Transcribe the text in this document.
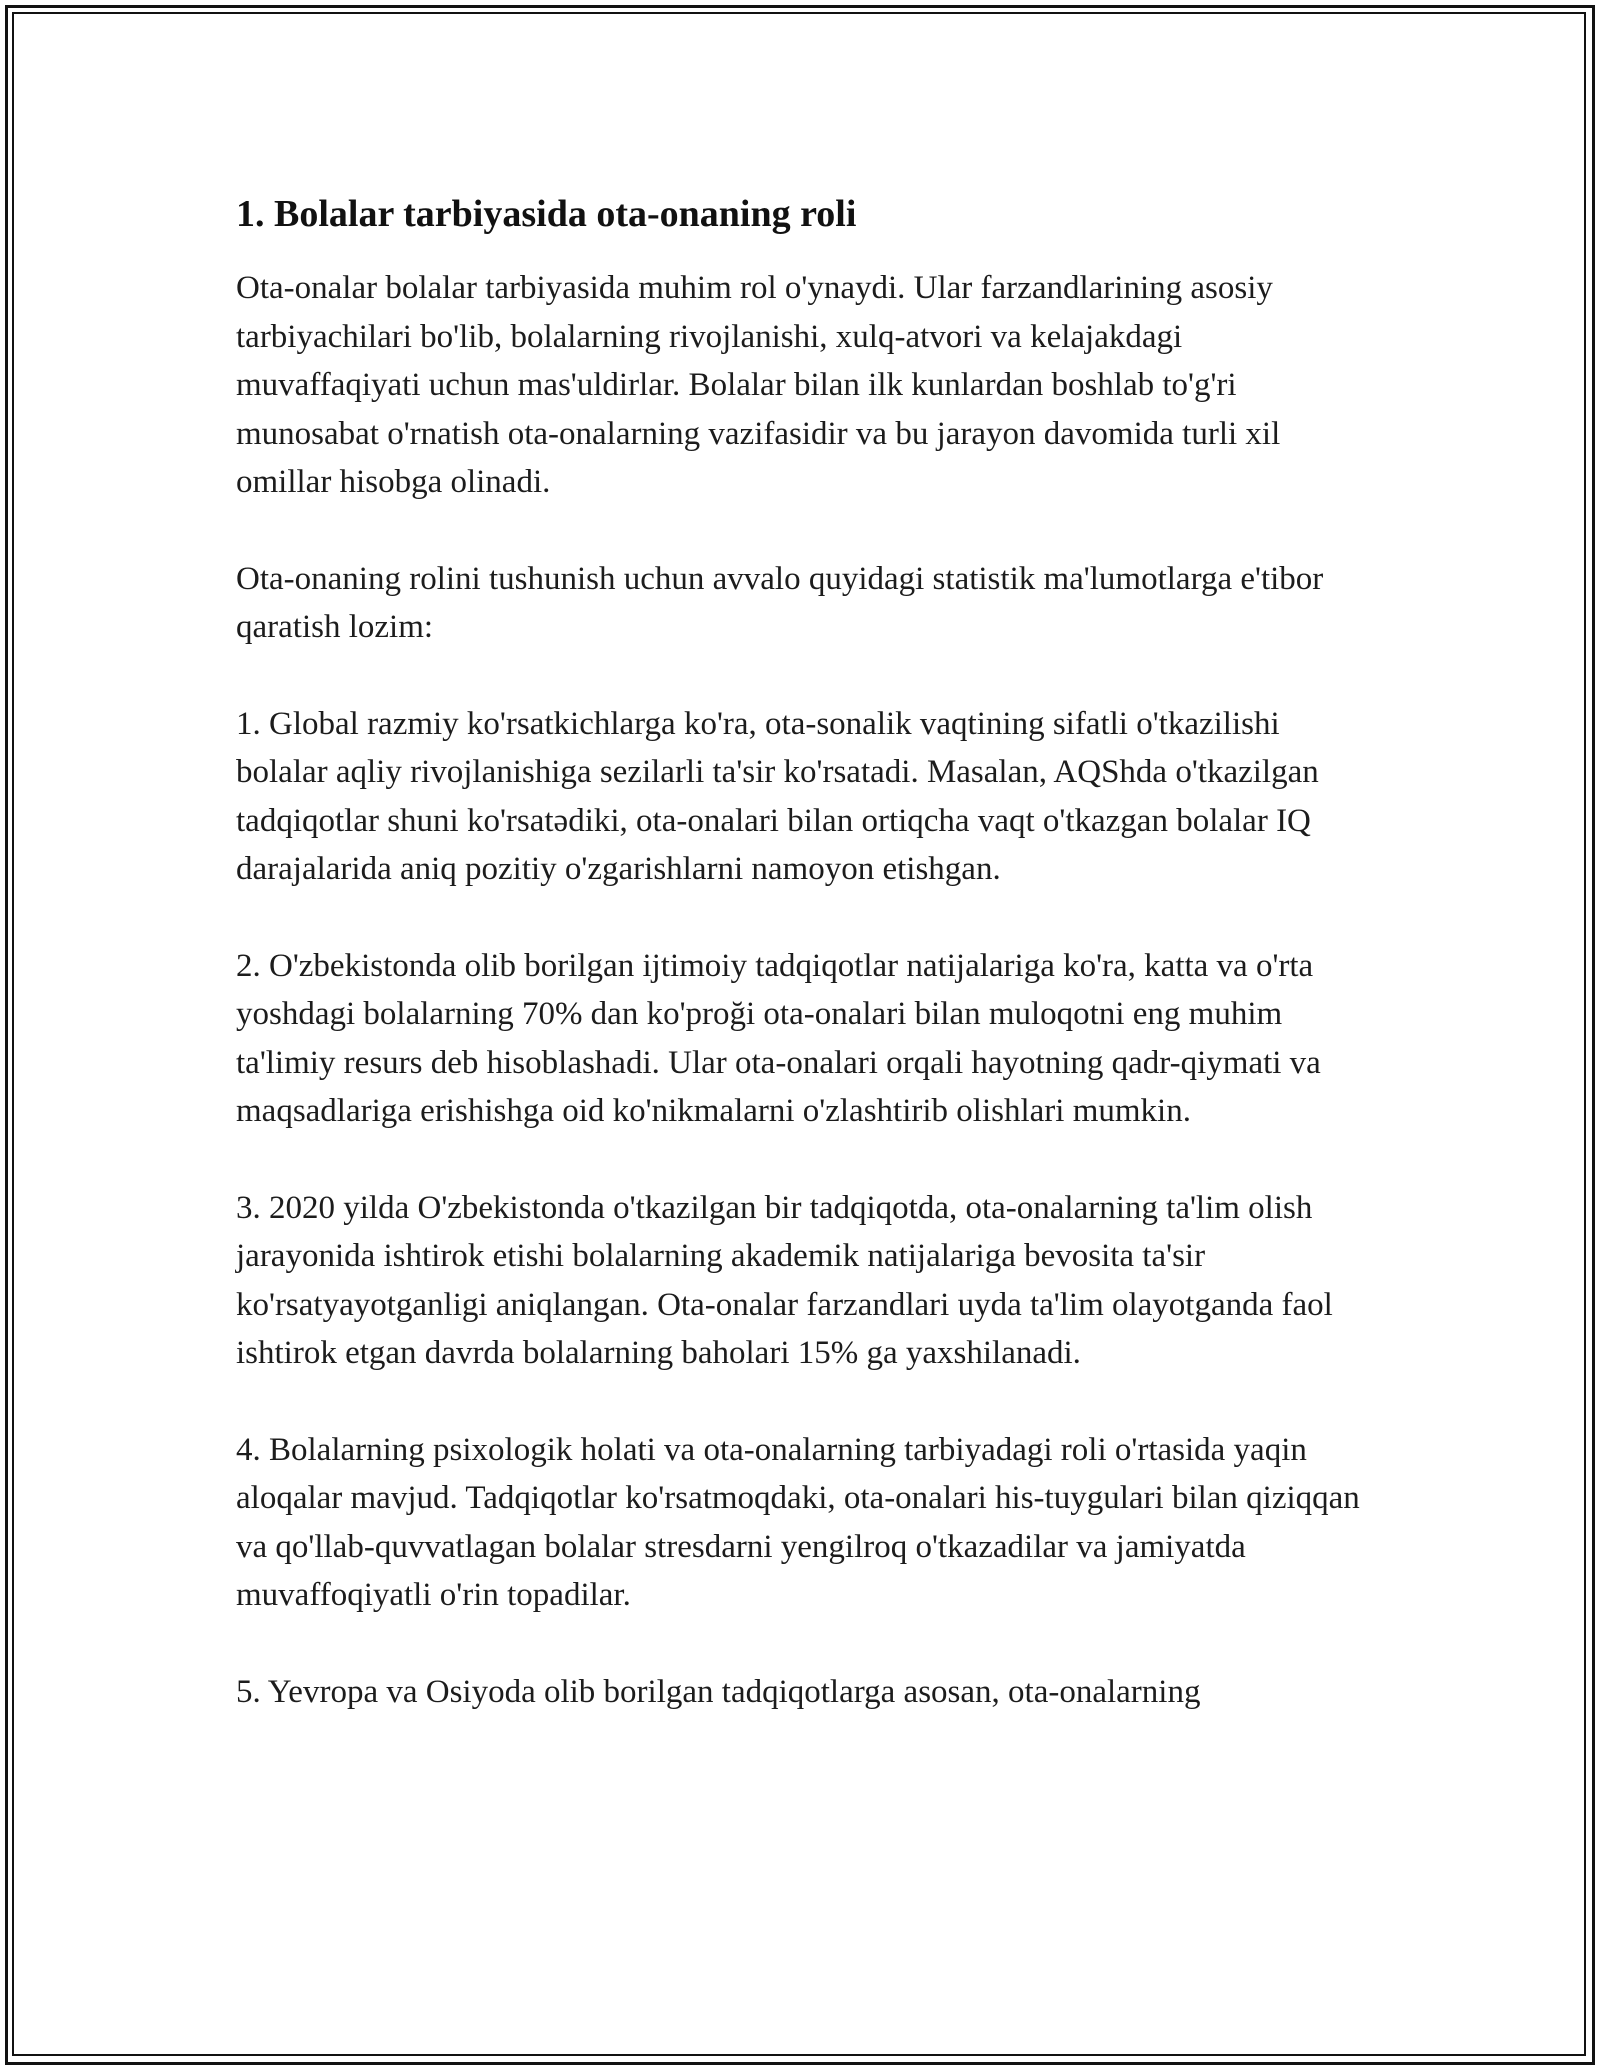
1. Bolalar tarbiyasida ota-onaning roli

Ota-onalar bolalar tarbiyasida muhim rol o'ynaydi. Ular farzandlarining asosiy tarbiyachilari bo'lib, bolalarning rivojlanishi, xulq-atvori va kelajakdagi muvaffaqiyati uchun mas'uldirlar. Bolalar bilan ilk kunlardan boshlab to'g'ri munosabat o'rnatish ota-onalarning vazifasidir va bu jarayon davomida turli xil omillar hisobga olinadi.

Ota-onaning rolini tushunish uchun avvalo quyidagi statistik ma'lumotlarga e'tibor qaratish lozim:

1. Global razmiy ko'rsatkichlarga ko'ra, ota-sonalik vaqtining sifatli o'tkazilishi bolalar aqliy rivojlanishiga sezilarli ta'sir ko'rsatadi. Masalan, AQShda o'tkazilgan tadqiqotlar shuni ko'rsatədiki, ota-onalari bilan ortiqcha vaqt o'tkazgan bolalar IQ darajalarida aniq pozitiy o'zgarishlarni namoyon etishgan.

2. O'zbekistonda olib borilgan ijtimoiy tadqiqotlar natijalariga ko'ra, katta va o'rta yoshdagi bolalarning 70% dan ko'proği ota-onalari bilan muloqotni eng muhim ta'limiy resurs deb hisoblashadi. Ular ota-onalari orqali hayotning qadr-qiymati va maqsadlariga erishishga oid ko'nikmalarni o'zlashtirib olishlari mumkin.

3. 2020 yilda O'zbekistonda o'tkazilgan bir tadqiqotda, ota-onalarning ta'lim olish jarayonida ishtirok etishi bolalarning akademik natijalariga bevosita ta'sir ko'rsatyayotganligi aniqlangan. Ota-onalar farzandlari uyda ta'lim olayotganda faol ishtirok etgan davrda bolalarning baholari 15% ga yaxshilanadi.

4. Bolalarning psixologik holati va ota-onalarning tarbiyadagi roli o'rtasida yaqin aloqalar mavjud. Tadqiqotlar ko'rsatmoqdaki, ota-onalari his-tuygulari bilan qiziqqan va qo'llab-quvvatlagan bolalar stresdarni yengilroq o'tkazadilar va jamiyatda muvaffoqiyatli o'rin topadilar.

5. Yevropa va Osiyoda olib borilgan tadqiqotlarga asosan, ota-onalarning
